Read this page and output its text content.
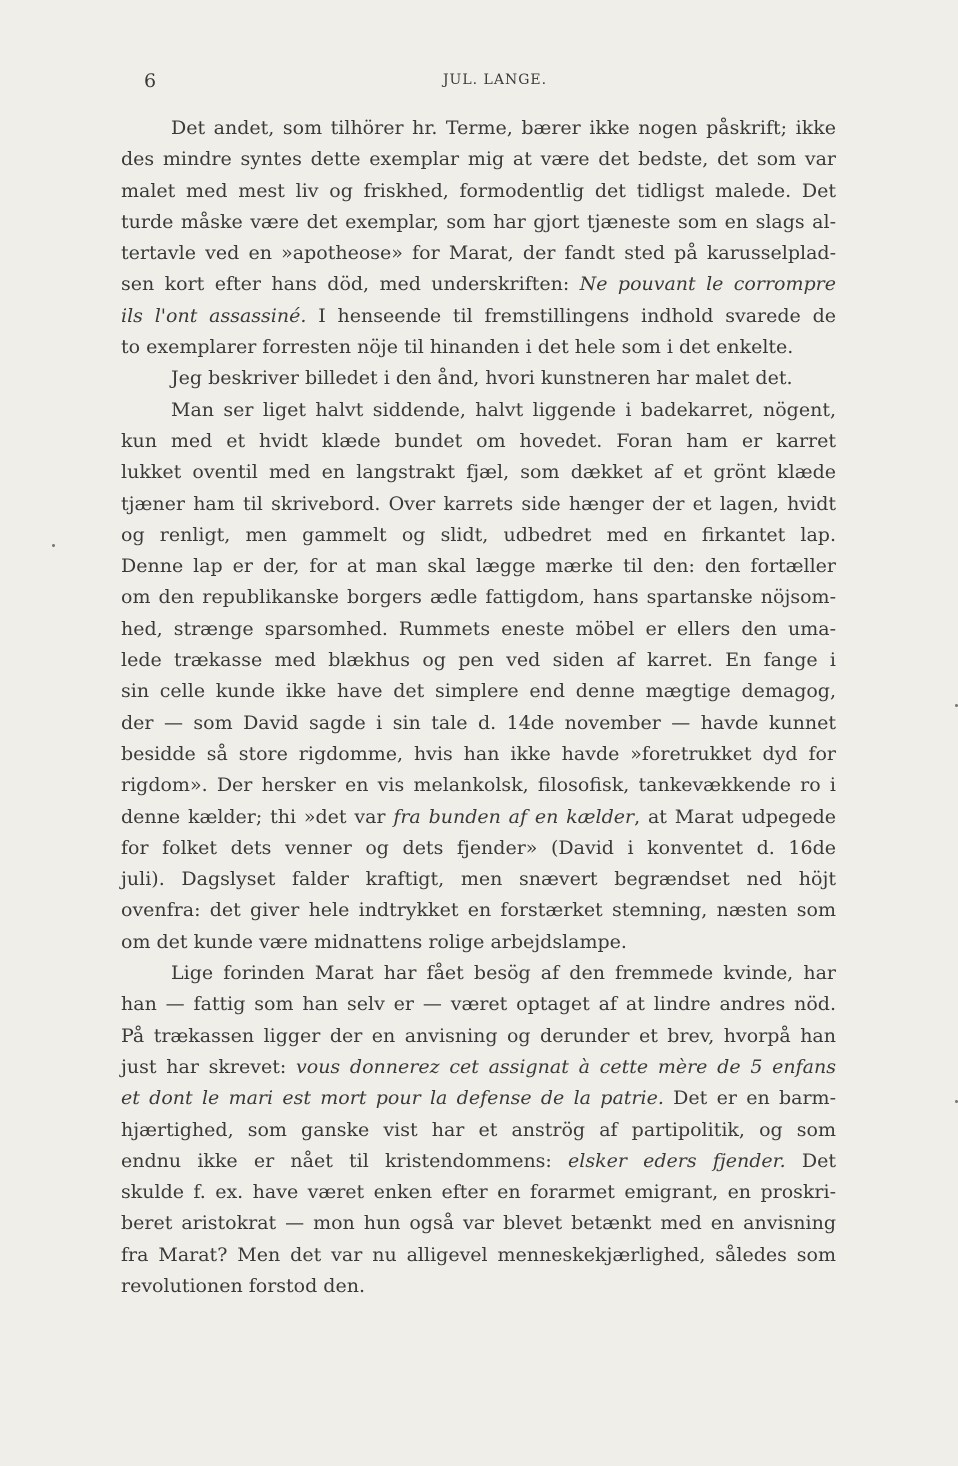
6	JUL. LANGE.
Det andet, som tilhörer hr. Terme, bærer ikke nogen påskrift; ikke
des mindre syntes dette exemplar mig at være det bedste, det som var
malet med mest liv og friskhed, formodentlig det tidligst malede. Det
turde måske være det exemplar, som har gjort tjæneste som en slags al-
tertavle ved en »apotheose» for Marat, der fandt sted på karusselplad-
sen kort efter hans död, med underskriften: Ne pouvant le corrompre
ils l'ont assassiné. I henseende til fremstillingens indhold svarede de
to exemplarer forresten nöje til hinanden i det hele som i det enkelte.
Jeg beskriver billedet i den ånd, hvori kunstneren har malet det.
Man ser liget halvt siddende, halvt liggende i badekarret, nögent,
kun med et hvidt klæde bundet om hovedet. Foran ham er karret
lukket oventil med en langstrakt fjæl, som dækket af et grönt klæde
tjæner ham til skrivebord. Over karrets side hænger der et lagen, hvidt
og renligt, men gammelt og slidt, udbedret med en firkantet lap.
Denne lap er der, for at man skal lægge mærke til den: den fortæller
om den republikanske borgers ædle fattigdom, hans spartanske nöjsom-
hed, strænge sparsomhed. Rummets eneste möbel er ellers den uma-
lede trækasse med blækhus og pen ved siden af karret. En fange i
sin celle kunde ikke have det simplere end denne mægtige demagog,
der — som David sagde i sin tale d. 14de november — havde kunnet
besidde så store rigdomme, hvis han ikke havde »foretrukket dyd for
rigdom». Der hersker en vis melankolsk, filosofisk, tankevækkende ro i
denne kælder; thi »det var fra bunden af en kælder, at Marat udpegede
for folket dets venner og dets fjender» (David i konventet d. 16de
juli). Dagslyset falder kraftigt, men snævert begrændset ned höjt
ovenfra: det giver hele indtrykket en forstærket stemning, næsten som
om det kunde være midnattens rolige arbejdslampe.
Lige forinden Marat har fået besög af den fremmede kvinde, har
han — fattig som han selv er — været optaget af at lindre andres nöd.
På trækassen ligger der en anvisning og derunder et brev, hvorpå han
just har skrevet: vous donnerez cet assignat à cette mère de 5 enfans
et dont le mari est mort pour la defense de la patrie. Det er en barm-
hjærtighed, som ganske vist har et anströg af partipolitik, og som
endnu ikke er nået til kristendommens: elsker eders fjender. Det
skulde f. ex. have været enken efter en forarmet emigrant, en proskri-
beret aristokrat — mon hun også var blevet betænkt med en anvisning
fra Marat? Men det var nu alligevel menneskekjærlighed, således som
revolutionen forstod den.
